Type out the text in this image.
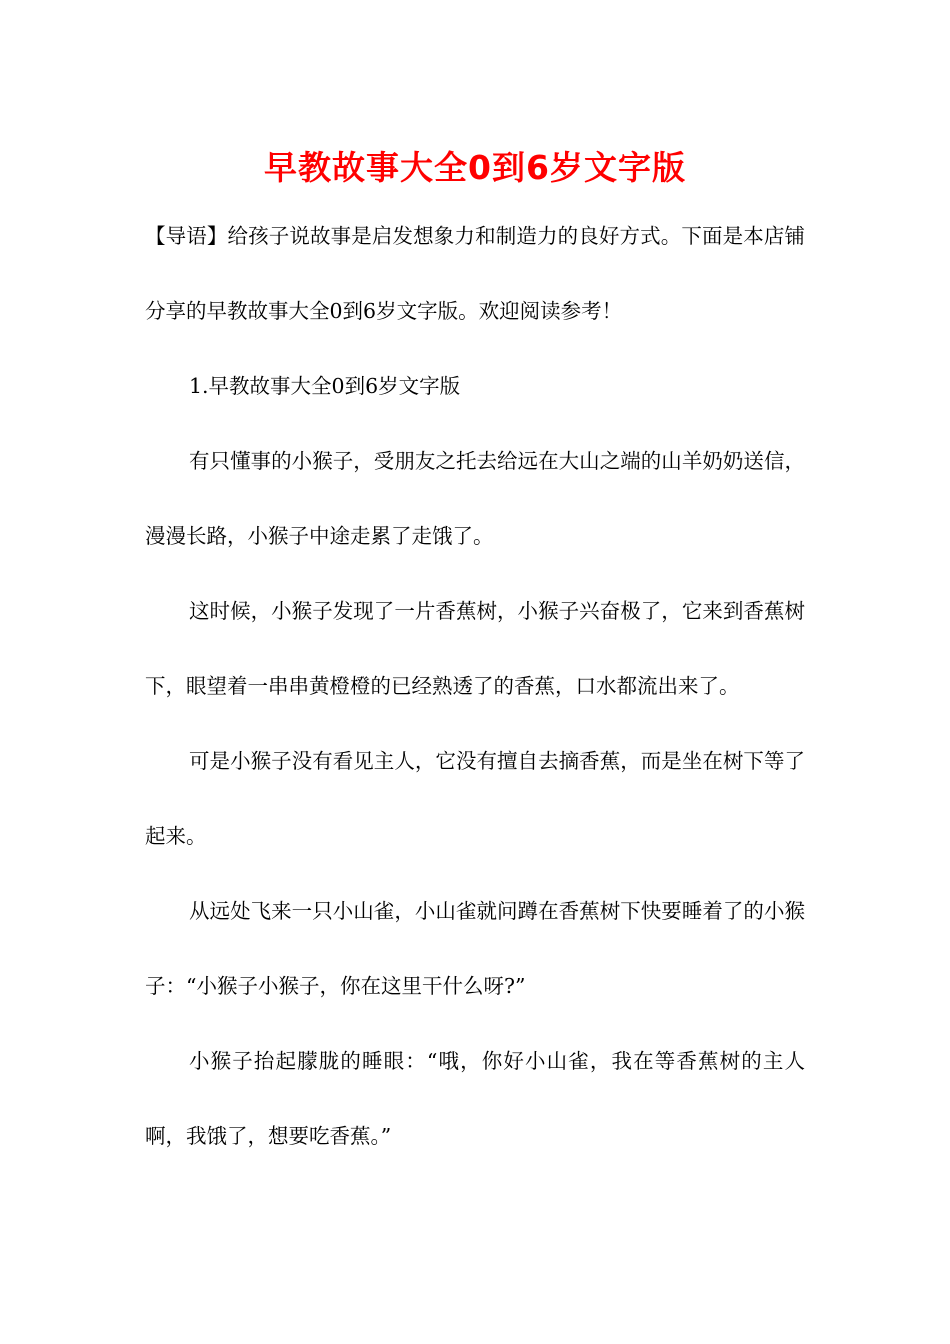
早教故事大全0到6岁文字版

【导语】给孩子说故事是启发想象力和制造力的良好方式。下面是本店铺分享的早教故事大全0到6岁文字版。欢迎阅读参考！

1.早教故事大全0到6岁文字版

有只懂事的小猴子，受朋友之托去给远在大山之端的山羊奶奶送信，漫漫长路，小猴子中途走累了走饿了。

这时候，小猴子发现了一片香蕉树，小猴子兴奋极了，它来到香蕉树下，眼望着一串串黄橙橙的已经熟透了的香蕉，口水都流出来了。

可是小猴子没有看见主人，它没有擅自去摘香蕉，而是坐在树下等了起来。

从远处飞来一只小山雀，小山雀就问蹲在香蕉树下快要睡着了的小猴子：“小猴子小猴子，你在这里干什么呀?”

小猴子抬起朦胧的睡眼：“哦，你好小山雀，我在等香蕉树的主人啊，我饿了，想要吃香蕉。”
